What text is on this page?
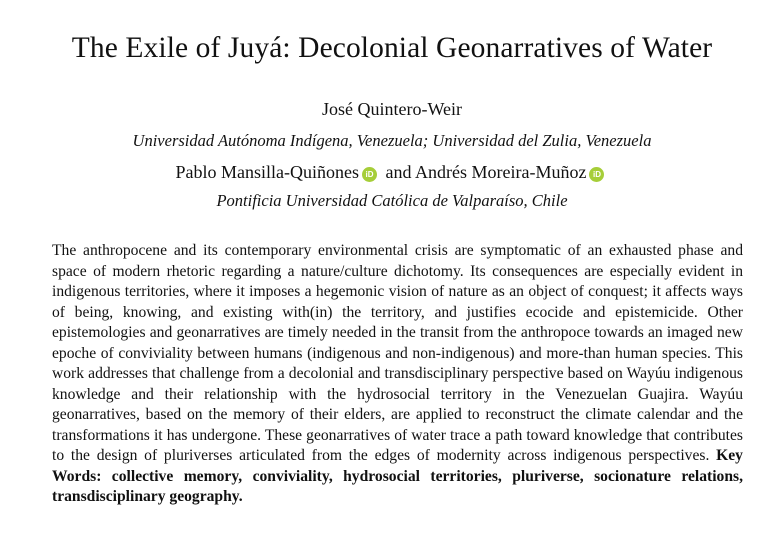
The Exile of Juyá: Decolonial Geonarratives of Water
José Quintero-Weir
Universidad Autónoma Indígena, Venezuela; Universidad del Zulia, Venezuela
Pablo Mansilla-Quiñones iD and Andrés Moreira-Muñoz iD
Pontificia Universidad Católica de Valparaíso, Chile

The anthropocene and its contemporary environmental crisis are symptomatic of an exhausted phase and space of modern rhetoric regarding a nature/culture dichotomy. Its consequences are especially evident in indigenous territories, where it imposes a hegemonic vision of nature as an object of conquest; it affects ways of being, knowing, and existing with(in) the territory, and justifies ecocide and epistemicide. Other epistemologies and geonarratives are timely needed in the transit from the anthropoce towards an imaged new epoche of conviviality between humans (indigenous and non-indigenous) and more-than human species. This work addresses that challenge from a decolonial and transdisciplinary perspective based on Wayúu indigenous knowledge and their relationship with the hydrosocial territory in the Venezuelan Guajira. Wayúu geonarratives, based on the memory of their elders, are applied to reconstruct the climate calendar and the transformations it has undergone. These geonarratives of water trace a path toward knowledge that contributes to the design of pluriverses articulated from the edges of modernity across indigenous perspectives. Key Words: collective memory, conviviality, hydrosocial territories, pluriverse, socionature relations, transdisciplinary geography.
